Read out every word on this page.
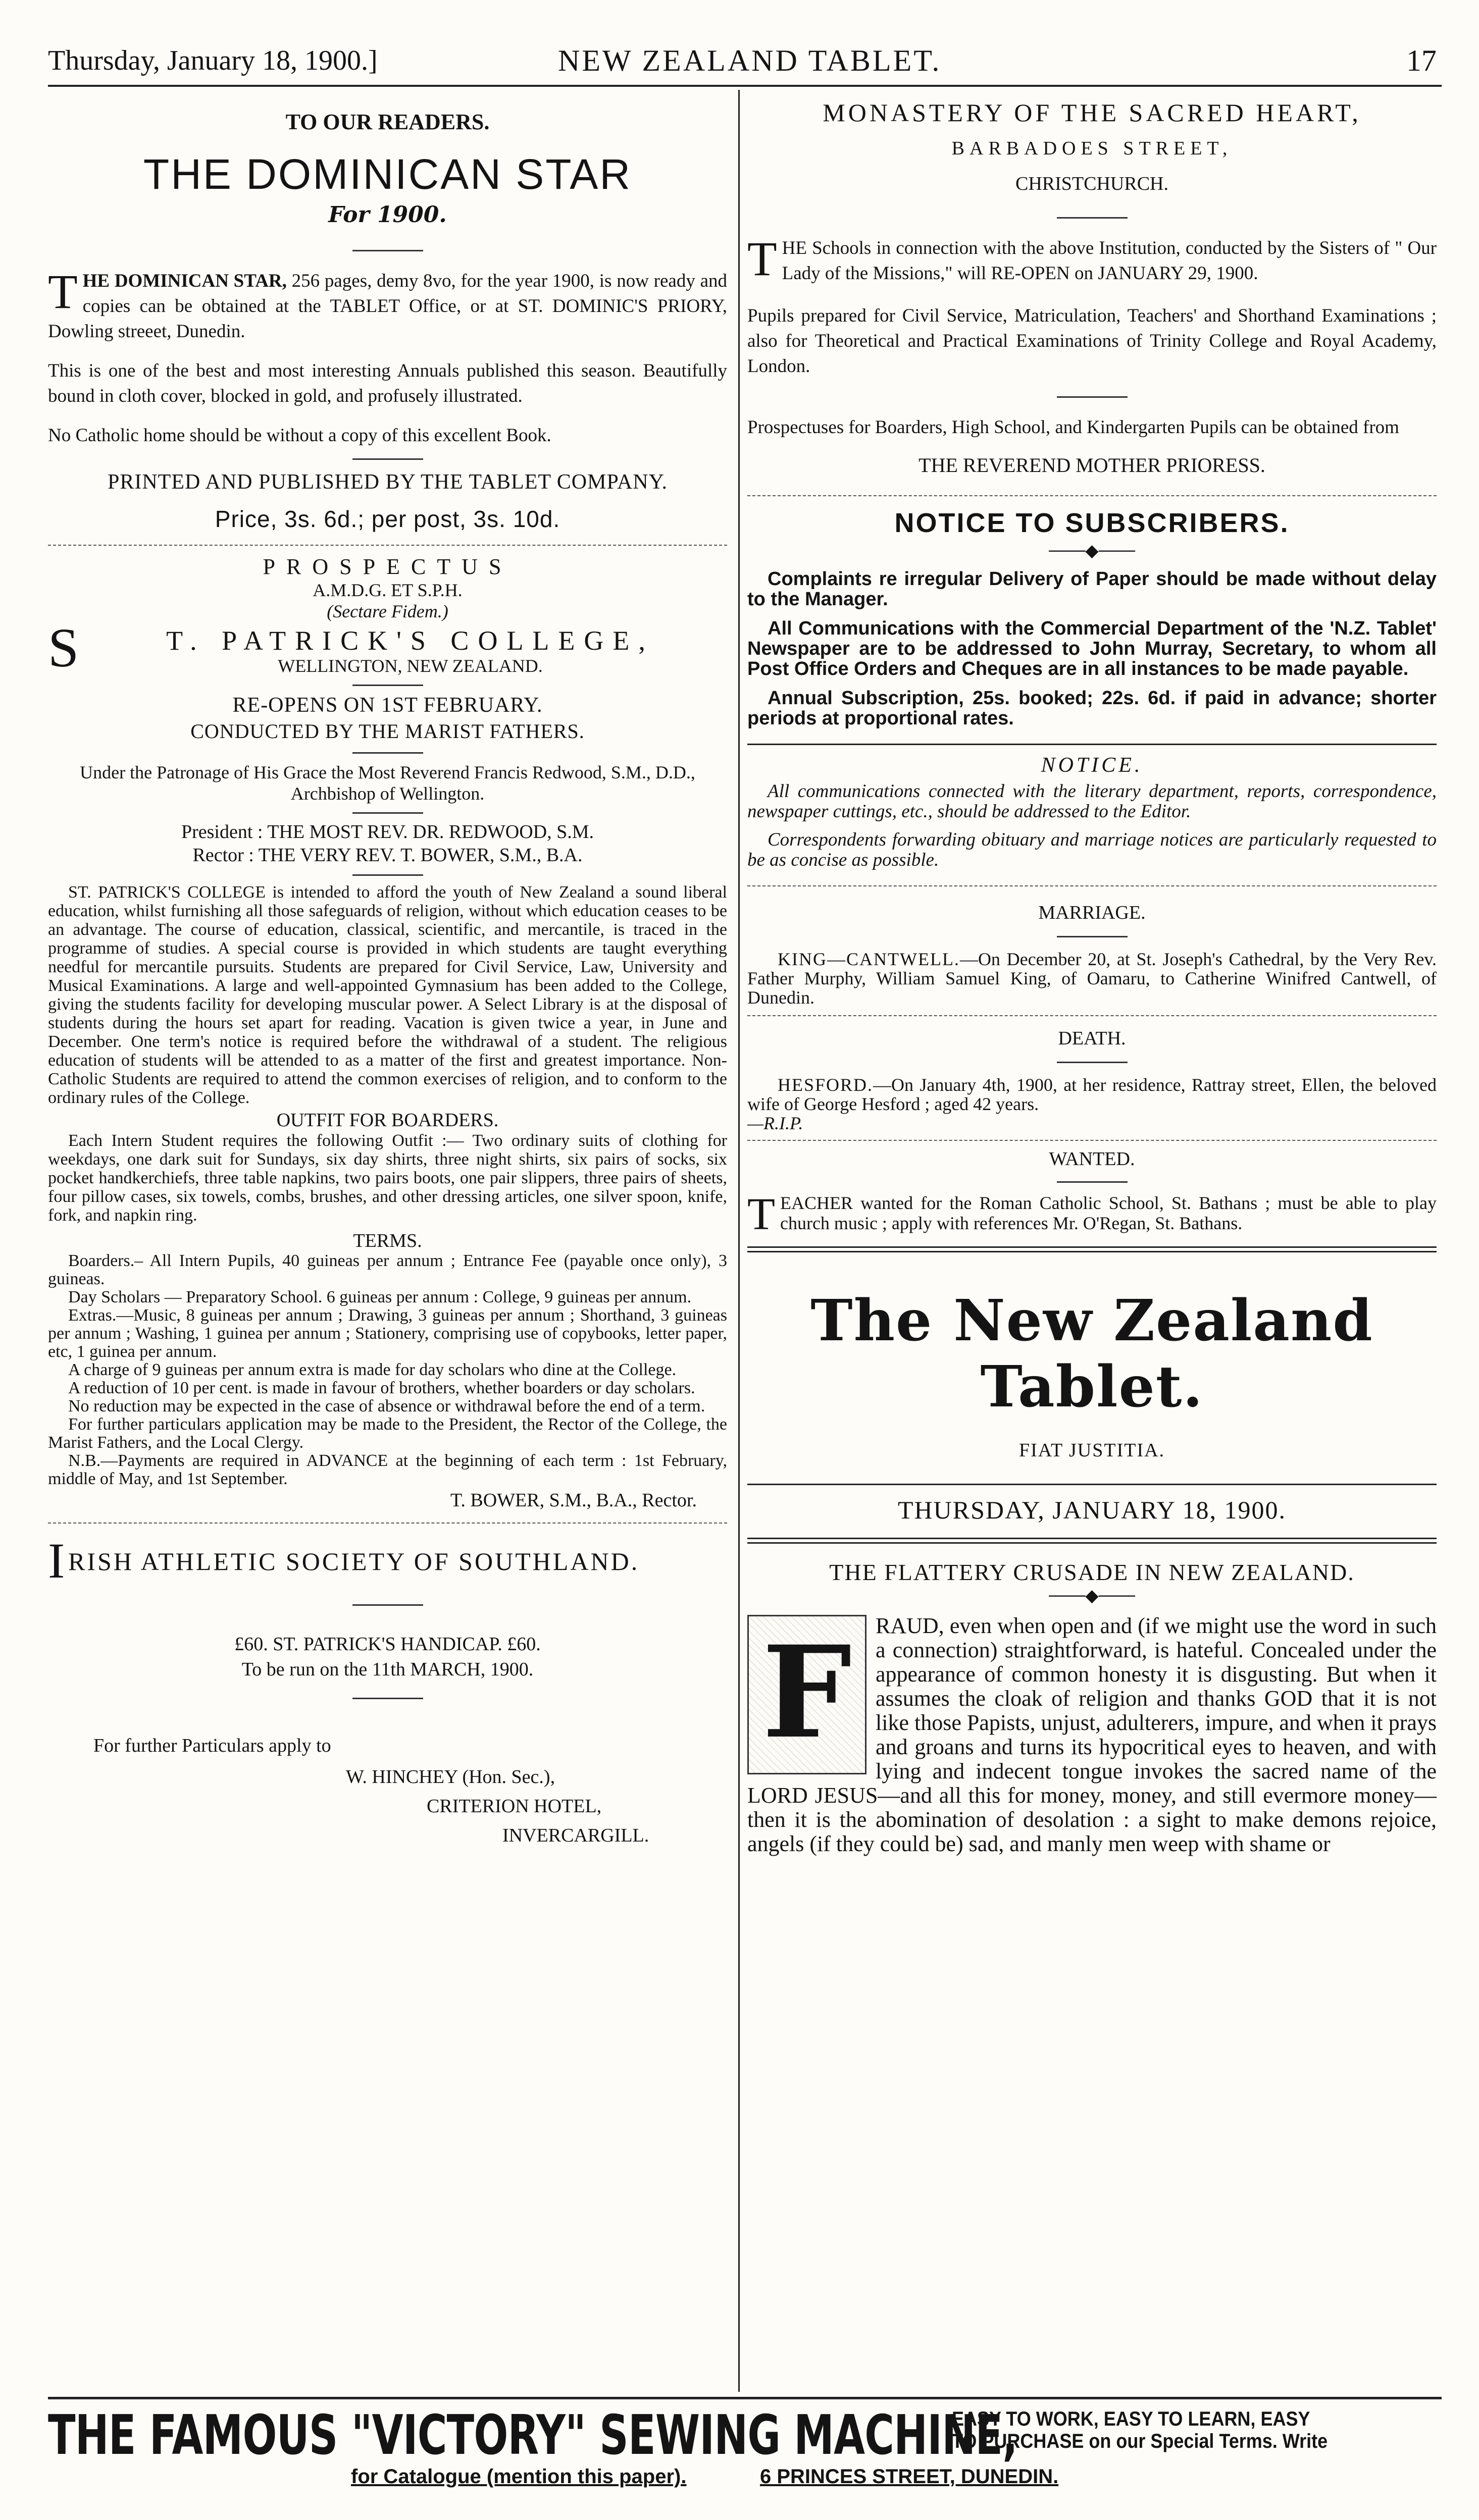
Thursday, January 18, 1900.]	NEW ZEALAND TABLET.	17
TO OUR READERS.
THE DOMINICAN STAR
For 1900.

THE DOMINICAN STAR, 256 pages, demy 8vo, for the year 1900, is now ready and copies can be obtained at the TABLET Office, or at ST. DOMINIC'S PRIORY, Dowling streeet, Dunedin.

This is one of the best and most interesting Annuals published this season. Beautifully bound in cloth cover, blocked in gold, and profusely illustrated.

No Catholic home should be without a copy of this excellent Book.

PRINTED AND PUBLISHED BY THE TABLET COMPANY.
Price, 3s. 6d.; per post, 3s. 10d.
PROSPECTUS
A.M.D.G. ET S.P.H.
(Sectare Fidem.)
S	T. PATRICK'S COLLEGE,
WELLINGTON, NEW ZEALAND.
RE-OPENS ON 1ST FEBRUARY.
CONDUCTED BY THE MARIST FATHERS.

Under the Patronage of His Grace the Most Reverend Francis Redwood, S.M., D.D., Archbishop of Wellington.

President : THE MOST REV. DR. REDWOOD, S.M.
Rector : THE VERY REV. T. BOWER, S.M., B.A.

ST. PATRICK'S COLLEGE is intended to afford the youth of New Zealand a sound liberal education, whilst furnishing all those safeguards of religion, without which education ceases to be an advantage. The course of education, classical, scientific, and mercantile, is traced in the programme of studies. A special course is provided in which students are taught everything needful for mercantile pursuits. Students are prepared for Civil Service, Law, University and Musical Examinations. A large and well-appointed Gymnasium has been added to the College, giving the students facility for developing muscular power. A Select Library is at the disposal of students during the hours set apart for reading. Vacation is given twice a year, in June and December. One term's notice is required before the withdrawal of a student. The religious education of students will be attended to as a matter of the first and greatest importance. Non-Catholic Students are required to attend the common exercises of religion, and to conform to the ordinary rules of the College.

OUTFIT FOR BOARDERS.

Each Intern Student requires the following Outfit :— Two ordinary suits of clothing for weekdays, one dark suit for Sundays, six day shirts, three night shirts, six pairs of socks, six pocket handkerchiefs, three table napkins, two pairs boots, one pair slippers, three pairs of sheets, four pillow cases, six towels, combs, brushes, and other dressing articles, one silver spoon, knife, fork, and napkin ring.

TERMS.

Boarders.– All Intern Pupils, 40 guineas per annum ; Entrance Fee (payable once only), 3 guineas.

Day Scholars — Preparatory School. 6 guineas per annum : College, 9 guineas per annum.

Extras.—Music, 8 guineas per annum ; Drawing, 3 guineas per annum ; Shorthand, 3 guineas per annum ; Washing, 1 guinea per annum ; Stationery, comprising use of copybooks, letter paper, etc, 1 guinea per annum.

A charge of 9 guineas per annum extra is made for day scholars who dine at the College.

A reduction of 10 per cent. is made in favour of brothers, whether boarders or day scholars.

No reduction may be expected in the case of absence or withdrawal before the end of a term.

For further particulars application may be made to the President, the Rector of the College, the Marist Fathers, and the Local Clergy.

N.B.—Payments are required in ADVANCE at the beginning of each term : 1st February, middle of May, and 1st September.

T. BOWER, S.M., B.A., Rector.
I RISH ATHLETIC SOCIETY OF SOUTHLAND.
£60. ST. PATRICK'S HANDICAP. £60.
To be run on the 11th MARCH, 1900.
For further Particulars apply to
W. HINCHEY (Hon. Sec.),
CRITERION HOTEL,
INVERCARGILL.
MONASTERY OF THE SACRED HEART,
BARBADOES STREET,
CHRISTCHURCH.

THE Schools in connection with the above Institution, conducted by the Sisters of " Our Lady of the Missions," will RE-OPEN on JANUARY 29, 1900.

Pupils prepared for Civil Service, Matriculation, Teachers' and Shorthand Examinations ; also for Theoretical and Practical Examinations of Trinity College and Royal Academy, London.

Prospectuses for Boarders, High School, and Kindergarten Pupils can be obtained from

THE REVEREND MOTHER PRIORESS.
NOTICE TO SUBSCRIBERS.
───◆───

Complaints re irregular Delivery of Paper should be made without delay to the Manager.

All Communications with the Commercial Department of the 'N.Z. Tablet' Newspaper are to be addressed to John Murray, Secretary, to whom all Post Office Orders and Cheques are in all instances to be made payable.

Annual Subscription, 25s. booked; 22s. 6d. if paid in advance; shorter periods at proportional rates.

NOTICE.

All communications connected with the literary department, reports, correspondence, newspaper cuttings, etc., should be addressed to the Editor.

Correspondents forwarding obituary and marriage notices are particularly requested to be as concise as possible.

MARRIAGE.

KING—CANTWELL.—On December 20, at St. Joseph's Cathedral, by the Very Rev. Father Murphy, William Samuel King, of Oamaru, to Catherine Winifred Cantwell, of Dunedin.

DEATH.

HESFORD.—On January 4th, 1900, at her residence, Rattray street, Ellen, the beloved wife of George Hesford ; aged 42 years.

—R.I.P.
WANTED.

TEACHER wanted for the Roman Catholic School, St. Bathans ; must be able to play church music ; apply with references Mr. O'Regan, St. Bathans.

The New Zealand Tablet.
FIAT JUSTITIA.
THURSDAY, JANUARY 18, 1900.
THE FLATTERY CRUSADE IN NEW ZEALAND.
───◆───

F	RAUD, even when open and (if we might use the word in such a connection) straightforward, is hateful. Concealed under the appearance of common honesty it is disgusting. But when it assumes the cloak of religion and thanks GOD that it is not like those Papists, unjust, adulterers, impure, and when it prays and groans and turns its hypocritical eyes to heaven, and with lying and indecent tongue invokes the sacred name of the LORD JESUS—and all this for money, money, and still evermore money—then it is the abomination of desolation : a sight to make demons rejoice, angels (if they could be) sad, and manly men weep with shame or

THE FAMOUS "VICTORY" SEWING MACHINE,
EASY TO WORK, EASY TO LEARN, EASY
TO PURCHASE on our Special Terms. Write
for Catalogue (mention this paper).	6 PRINCES STREET, DUNEDIN.
